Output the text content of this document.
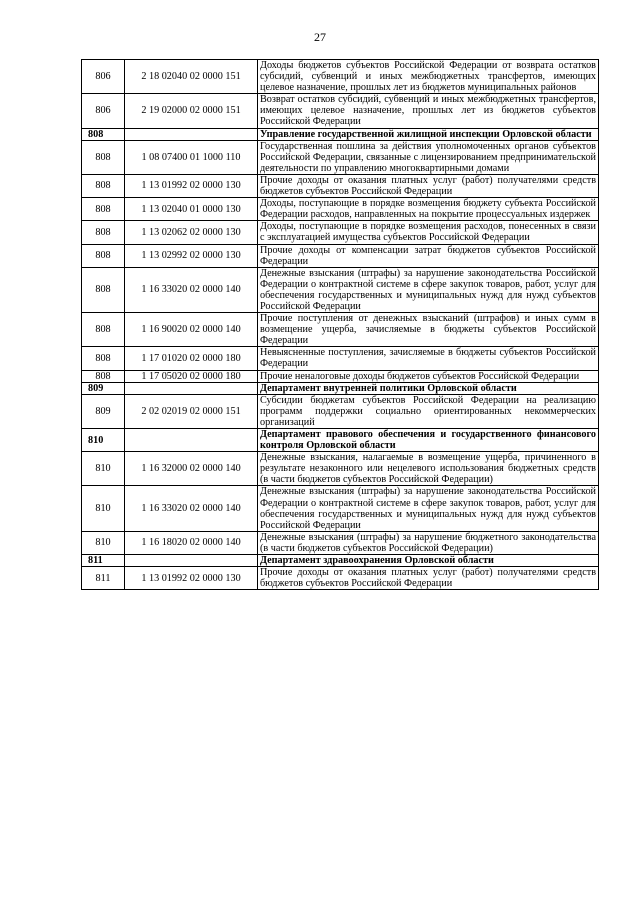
27
806	2 18 02040 02 0000 151	Доходы бюджетов субъектов Российской Федерации от возврата остатков субсидий, субвенций и иных межбюджетных трансфертов, имеющих целевое назначение, прошлых лет из бюджетов муниципальных районов
806	2 19 02000 02 0000 151	Возврат остатков субсидий, субвенций и иных межбюджетных трансфертов, имеющих целевое назначение, прошлых лет из бюджетов субъектов Российской Федерации
808		Управление государственной жилищной инспекции Орловской области
808	1 08 07400 01 1000 110	Государственная пошлина за действия уполномоченных органов субъектов Российской Федерации, связанные с лицензированием предпринимательской деятельности по управлению многоквартирными домами
808	1 13 01992 02 0000 130	Прочие доходы от оказания платных услуг (работ) получателями средств бюджетов субъектов Российской Федерации
808	1 13 02040 01 0000 130	Доходы, поступающие в порядке возмещения бюджету субъекта Российской Федерации расходов, направленных на покрытие процессуальных издержек
808	1 13 02062 02 0000 130	Доходы, поступающие в порядке возмещения расходов, понесенных в связи с эксплуатацией имущества субъектов Российской Федерации
808	1 13 02992 02 0000 130	Прочие доходы от компенсации затрат бюджетов субъектов Российской Федерации
808	1 16 33020 02 0000 140	Денежные взыскания (штрафы) за нарушение законодательства Российской Федерации о контрактной системе в сфере закупок товаров, работ, услуг для обеспечения государственных и муниципальных нужд для нужд субъектов Российской Федерации
808	1 16 90020 02 0000 140	Прочие поступления от денежных взысканий (штрафов) и иных сумм в возмещение ущерба, зачисляемые в бюджеты субъектов Российской Федерации
808	1 17 01020 02 0000 180	Невыясненные поступления, зачисляемые в бюджеты субъектов Российской Федерации
808	1 17 05020 02 0000 180	Прочие неналоговые доходы бюджетов субъектов Российской Федерации
809		Департамент внутренней политики Орловской области
809	2 02 02019 02 0000 151	Субсидии бюджетам субъектов Российской Федерации на реализацию программ поддержки социально ориентированных некоммерческих организаций
810		Департамент правового обеспечения и государственного финансового контроля Орловской области
810	1 16 32000 02 0000 140	Денежные взыскания, налагаемые в возмещение ущерба, причиненного в результате незаконного или нецелевого использования бюджетных средств (в части бюджетов субъектов Российской Федерации)
810	1 16 33020 02 0000 140	Денежные взыскания (штрафы) за нарушение законодательства Российской Федерации о контрактной системе в сфере закупок товаров, работ, услуг для обеспечения государственных и муниципальных нужд для нужд субъектов Российской Федерации
810	1 16 18020 02 0000 140	Денежные взыскания (штрафы) за нарушение бюджетного законодательства (в части бюджетов субъектов Российской Федерации)
811		Департамент здравоохранения Орловской области
811	1 13 01992 02 0000 130	Прочие доходы от оказания платных услуг (работ) получателями средств бюджетов субъектов Российской Федерации
